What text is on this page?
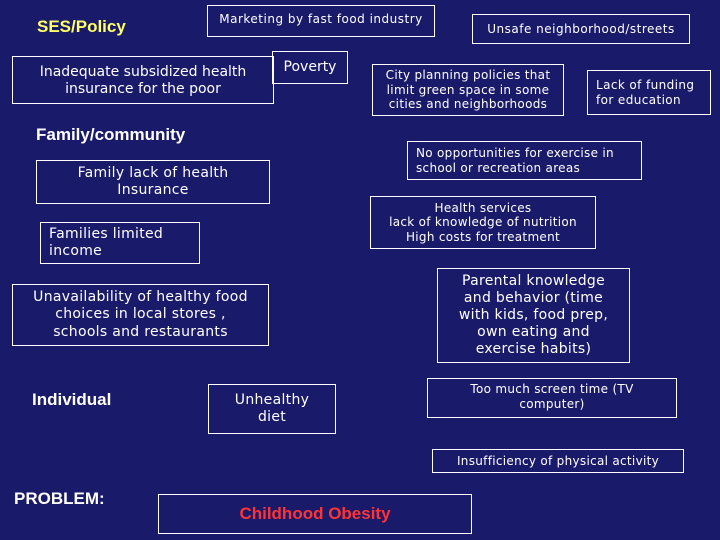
SES/Policy	Marketing by fast food industry
Unsafe neighborhood/streets
Inadequate subsidized health
insurance for the poor
Poverty
City planning policies that
limit green space in some
cities and neighborhoods
Lack of funding
for education
Family/community
No opportunities for exercise in
school or recreation areas
Family lack of health
Insurance
Health services
lack of knowledge of nutrition
High costs for treatment
Families limited
income
Parental knowledge
and behavior (time
with kids, food prep,
own eating and
exercise habits)
Unavailability of healthy food
choices in local stores ,
schools and restaurants
Individual
Too much screen time (TV
computer)
Unhealthy
diet
Insufficiency of physical activity
PROBLEM:
Childhood Obesity
